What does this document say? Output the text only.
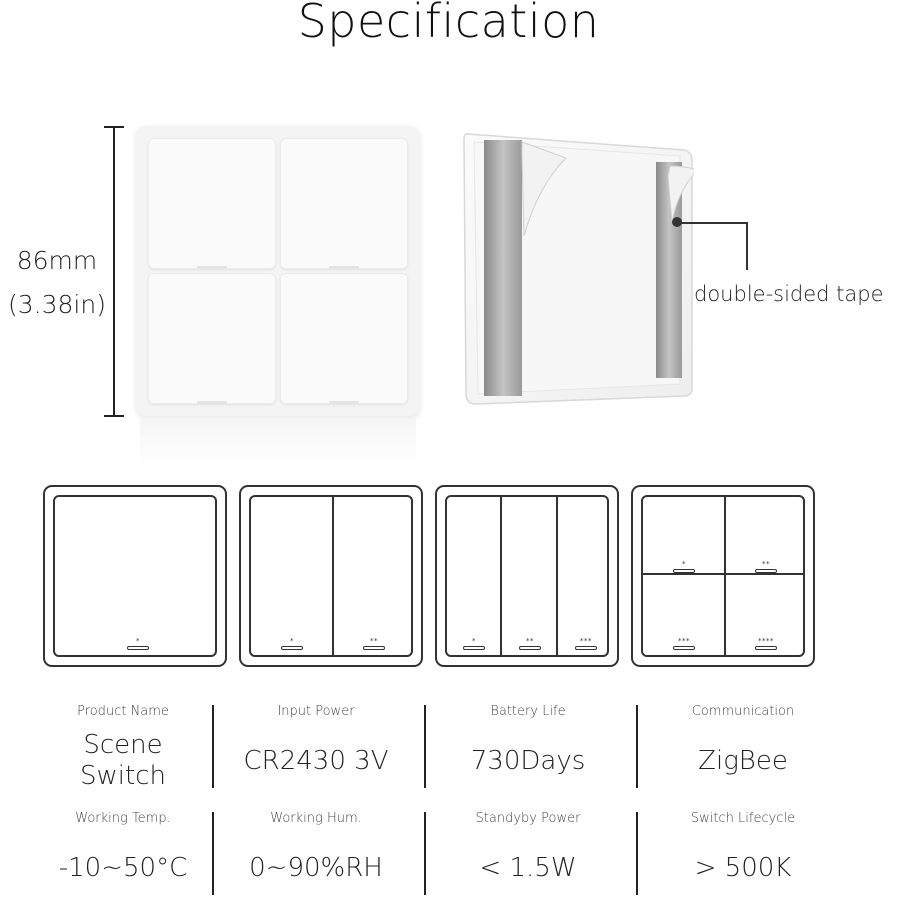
Specification
86mm
(3.38in)	double-sided tape
*	*	**	*	**	***
*	**
***	****
Product Name
Scene
Switch
Input Power
CR2430 3V
Battery Life
730Days
Communication
ZigBee
Working Temp.
-10~50°C
Working Hum.
0~90%RH
Standyby Power
< 1.5W
Switch Lifecycle
> 500K
